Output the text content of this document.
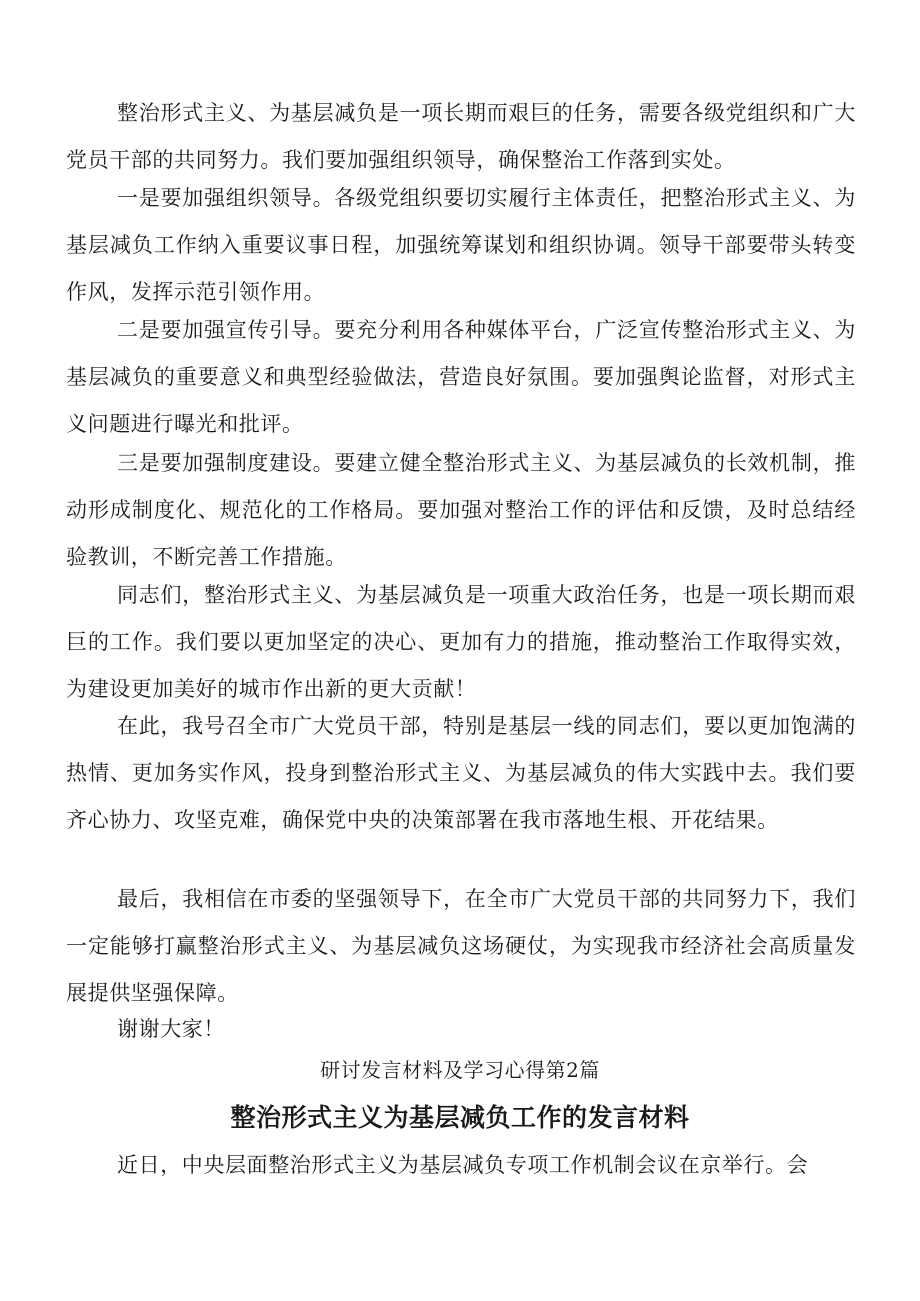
整治形式主义、为基层减负是一项长期而艰巨的任务，需要各级党组织和广大党员干部的共同努力。我们要加强组织领导，确保整治工作落到实处。

一是要加强组织领导。各级党组织要切实履行主体责任，把整治形式主义、为基层减负工作纳入重要议事日程，加强统筹谋划和组织协调。领导干部要带头转变作风，发挥示范引领作用。

二是要加强宣传引导。要充分利用各种媒体平台，广泛宣传整治形式主义、为基层减负的重要意义和典型经验做法，营造良好氛围。要加强舆论监督，对形式主义问题进行曝光和批评。

三是要加强制度建设。要建立健全整治形式主义、为基层减负的长效机制，推动形成制度化、规范化的工作格局。要加强对整治工作的评估和反馈，及时总结经验教训，不断完善工作措施。

同志们，整治形式主义、为基层减负是一项重大政治任务，也是一项长期而艰巨的工作。我们要以更加坚定的决心、更加有力的措施，推动整治工作取得实效，为建设更加美好的城市作出新的更大贡献！

在此，我号召全市广大党员干部，特别是基层一线的同志们，要以更加饱满的热情、更加务实作风，投身到整治形式主义、为基层减负的伟大实践中去。我们要齐心协力、攻坚克难，确保党中央的决策部署在我市落地生根、开花结果。

最后，我相信在市委的坚强领导下，在全市广大党员干部的共同努力下，我们一定能够打赢整治形式主义、为基层减负这场硬仗，为实现我市经济社会高质量发展提供坚强保障。

谢谢大家！

研讨发言材料及学习心得第2篇

整治形式主义为基层减负工作的发言材料

近日，中央层面整治形式主义为基层减负专项工作机制会议在京举行。会
